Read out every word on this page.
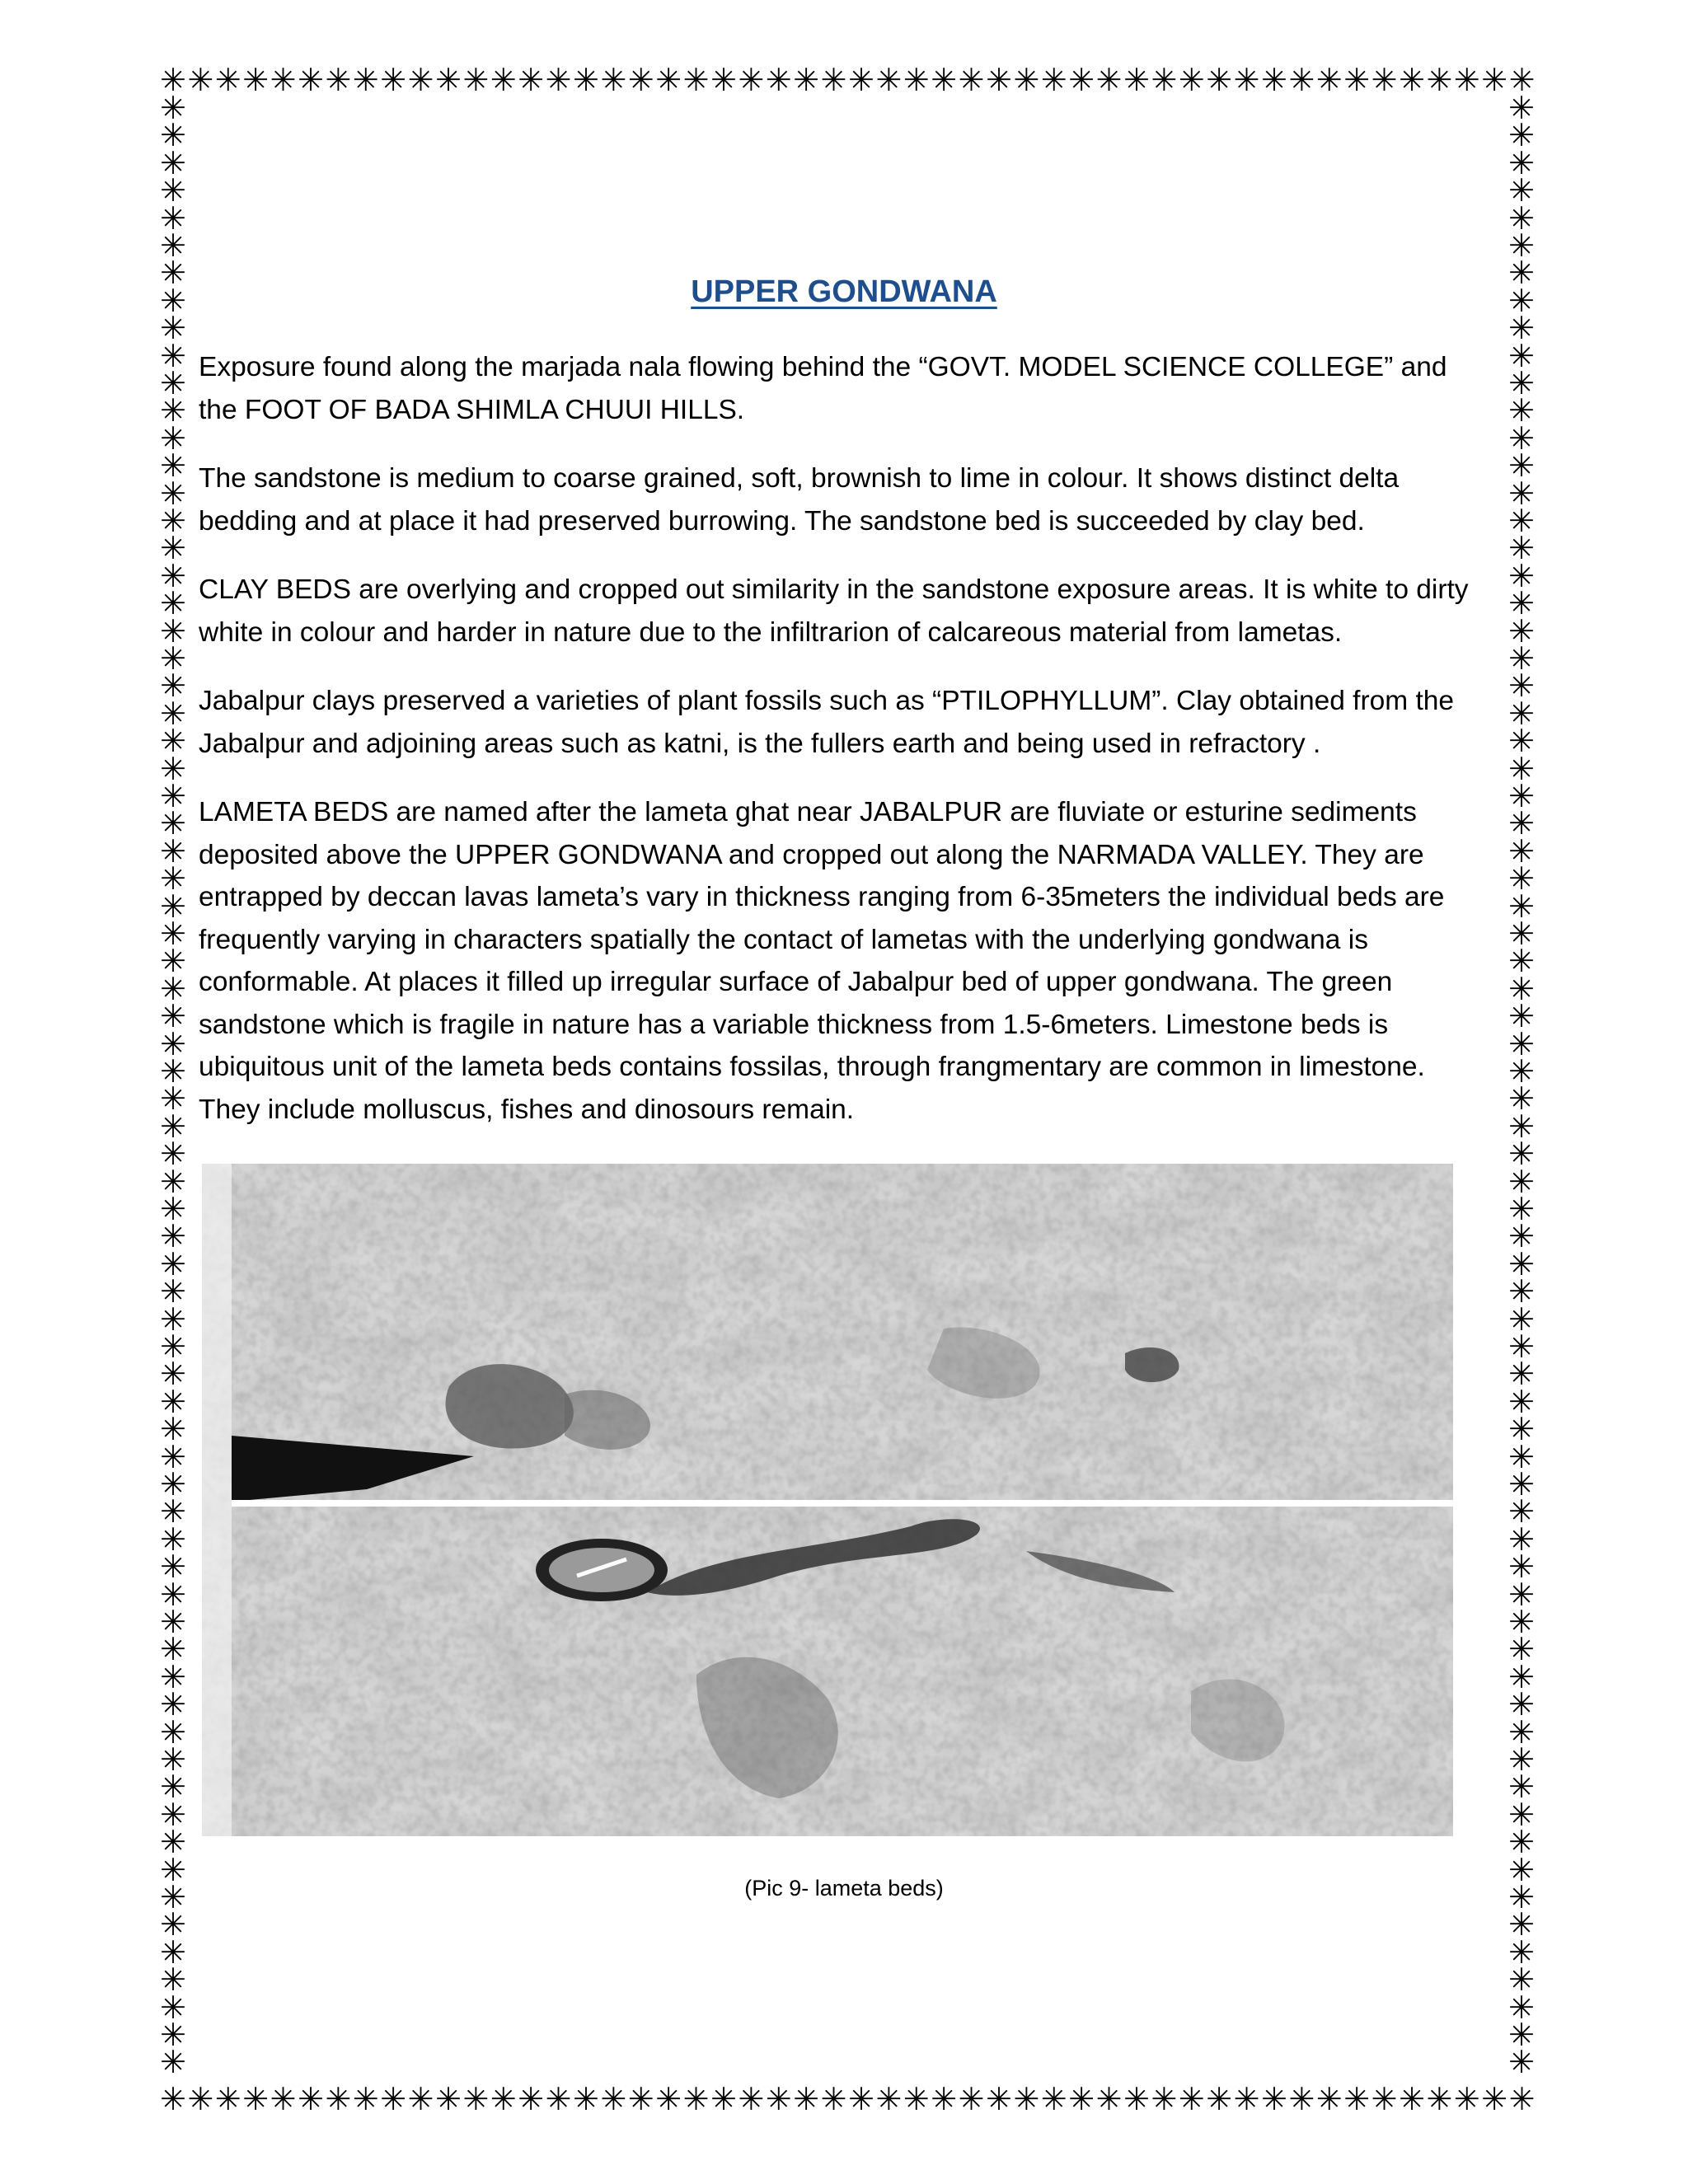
✳ ✳ ✳ ✳ ✳ ✳ ✳ ✳ ✳ ✳ ✳ ✳ ✳ ✳ ✳ ✳ ✳ ✳ ✳ ✳ ✳ ✳ ✳ ✳ ✳ ✳ ✳ ✳ ✳ ✳ ✳ ✳ ✳ ✳ ✳ ✳ ✳ ✳ ✳ ✳ ✳ ✳ ✳ ✳ ✳ ✳ ✳ ✳ ✳ ✳
✳ ✳ ✳ ✳ ✳ ✳ ✳ ✳ ✳ ✳ ✳ ✳ ✳ ✳ ✳ ✳ ✳ ✳ ✳ ✳ ✳ ✳ ✳ ✳ ✳ ✳ ✳ ✳ ✳ ✳ ✳ ✳ ✳ ✳ ✳ ✳ ✳ ✳ ✳ ✳ ✳ ✳ ✳ ✳ ✳ ✳ ✳ ✳ ✳ ✳
✳
✳
✳
✳
✳
✳
✳
✳
✳
✳
✳
✳
✳
✳
✳
✳
✳
✳
✳
✳
✳
✳
✳
✳
✳
✳
✳
✳
✳
✳
✳
✳
✳
✳
✳
✳
✳
✳
✳
✳
✳
✳
✳
✳
✳
✳
✳
✳
✳
✳
✳
✳
✳
✳
✳
✳
✳
✳
✳
✳
✳
✳
✳
✳
✳
✳
✳
✳
✳
✳
✳
✳
✳
✳
✳
✳
✳
✳
✳
✳
✳
✳
✳
✳
✳
✳
✳
✳
✳
✳
✳
✳
✳
✳
✳
✳
✳
✳
✳
✳
✳
✳
✳
✳
✳
✳
✳
✳
✳
✳
✳
✳
✳
✳
✳
✳
✳
✳
✳
✳
✳
✳
✳
✳
✳
✳
✳
✳
✳
✳
✳
✳
✳
✳
✳
✳
✳
✳
✳
✳
✳
✳
✳
✳
UPPER GONDWANA

Exposure found along the marjada nala flowing behind the “GOVT. MODEL SCIENCE COLLEGE” and the FOOT OF BADA SHIMLA CHUUI HILLS.

The sandstone is medium to coarse grained, soft, brownish to lime in colour. It shows distinct delta bedding and at place it had preserved burrowing. The sandstone bed is succeeded by clay bed.

CLAY BEDS are overlying and cropped out similarity in the sandstone exposure areas. It is white to dirty white in colour and harder in nature due to the infiltrarion of calcareous material from lametas.

Jabalpur clays preserved a varieties of plant fossils such as “PTILOPHYLLUM”. Clay obtained from the Jabalpur and adjoining areas such as katni, is the fullers earth and being used in refractory .

LAMETA BEDS are named after the lameta ghat near JABALPUR are fluviate or esturine sediments deposited above the UPPER GONDWANA and cropped out along the NARMADA VALLEY. They are entrapped by deccan lavas lameta’s vary in thickness ranging from 6-35meters the individual beds are frequently varying in characters spatially the contact of lametas with the underlying gondwana is conformable. At places it filled up irregular surface of Jabalpur bed of upper gondwana. The green sandstone which is fragile in nature has a variable thickness from 1.5-6meters. Limestone beds is ubiquitous unit of the lameta beds contains fossilas, through frangmentary are common in limestone. They include molluscus, fishes and dinosours remain.

(Pic 9- lameta beds)
